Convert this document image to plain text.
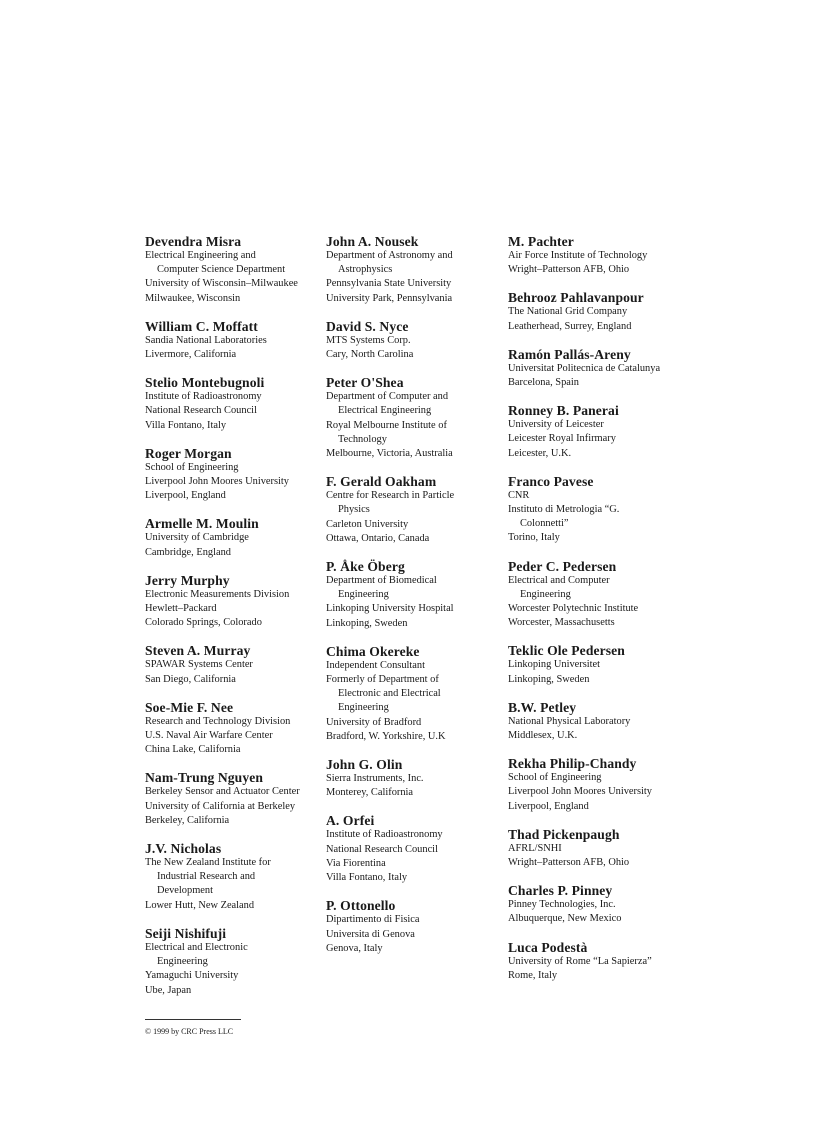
Devendra Misra
Electrical Engineering and
Computer Science Department
University of Wisconsin–Milwaukee
Milwaukee, Wisconsin
William C. Moffatt
Sandia National Laboratories
Livermore, California
Stelio Montebugnoli
Institute of Radioastronomy
National Research Council
Villa Fontano, Italy
Roger Morgan
School of Engineering
Liverpool John Moores University
Liverpool, England
Armelle M. Moulin
University of Cambridge
Cambridge, England
Jerry Murphy
Electronic Measurements Division
Hewlett–Packard
Colorado Springs, Colorado
Steven A. Murray
SPAWAR Systems Center
San Diego, California
Soe-Mie F. Nee
Research and Technology Division
U.S. Naval Air Warfare Center
China Lake, California
Nam-Trung Nguyen
Berkeley Sensor and Actuator Center
University of California at Berkeley
Berkeley, California
J.V. Nicholas
The New Zealand Institute for
Industrial Research and
Development
Lower Hutt, New Zealand
Seiji Nishifuji
Electrical and Electronic
Engineering
Yamaguchi University
Ube, Japan
John A. Nousek
Department of Astronomy and
Astrophysics
Pennsylvania State University
University Park, Pennsylvania
David S. Nyce
MTS Systems Corp.
Cary, North Carolina
Peter O'Shea
Department of Computer and
Electrical Engineering
Royal Melbourne Institute of
Technology
Melbourne, Victoria, Australia
F. Gerald Oakham
Centre for Research in Particle
Physics
Carleton University
Ottawa, Ontario, Canada
P. Åke Öberg
Department of Biomedical
Engineering
Linkoping University Hospital
Linkoping, Sweden
Chima Okereke
Independent Consultant
Formerly of Department of
Electronic and Electrical
Engineering
University of Bradford
Bradford, W. Yorkshire, U.K
John G. Olin
Sierra Instruments, Inc.
Monterey, California
A. Orfei
Institute of Radioastronomy
National Research Council
Via Fiorentina
Villa Fontano, Italy
P. Ottonello
Dipartimento di Fisica
Universita di Genova
Genova, Italy
M. Pachter
Air Force Institute of Technology
Wright–Patterson AFB, Ohio
Behrooz Pahlavanpour
The National Grid Company
Leatherhead, Surrey, England
Ramón Pallás-Areny
Universitat Politecnica de Catalunya
Barcelona, Spain
Ronney B. Panerai
University of Leicester
Leicester Royal Infirmary
Leicester, U.K.
Franco Pavese
CNR
Instituto di Metrologia “G.
Colonnetti”
Torino, Italy
Peder C. Pedersen
Electrical and Computer
Engineering
Worcester Polytechnic Institute
Worcester, Massachusetts
Teklic Ole Pedersen
Linkoping Universitet
Linkoping, Sweden
B.W. Petley
National Physical Laboratory
Middlesex, U.K.
Rekha Philip-Chandy
School of Engineering
Liverpool John Moores University
Liverpool, England
Thad Pickenpaugh
AFRL/SNHI
Wright–Patterson AFB, Ohio
Charles P. Pinney
Pinney Technologies, Inc.
Albuquerque, New Mexico
Luca Podestà
University of Rome “La Sapierza”
Rome, Italy
© 1999 by CRC Press LLC
